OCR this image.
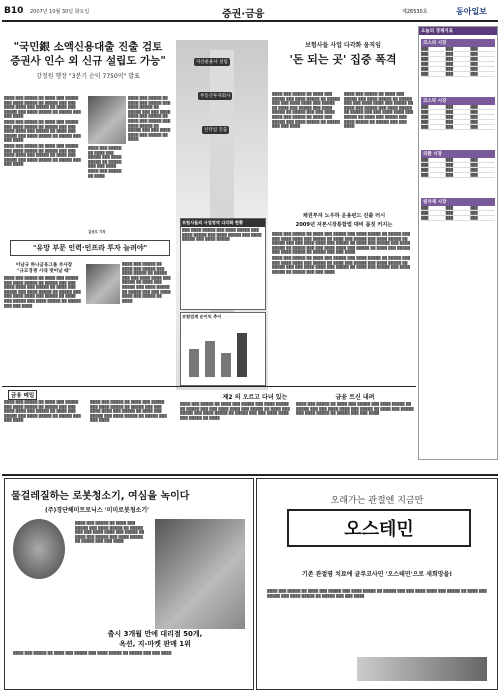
B10 2007년 10월 30일 화요일	증권·금융	제26530호	동아일보
"국민銀 소액신용대출 진출 검토
증권사 인수 외 신규 설립도 가능"
강정원 행장 "3분기 순익 7750억" 발표

▓▓▓▓ ▓▓▓ ▓▓▓▓▓ ▓▓ ▓▓▓▓ ▓▓▓ ▓▓▓▓▓ ▓▓▓ ▓▓▓▓ ▓▓▓▓▓ ▓▓ ▓▓▓▓▓ ▓▓▓ ▓▓▓ ▓▓▓▓ ▓▓▓▓ ▓▓▓ ▓▓▓▓▓ ▓▓ ▓▓▓▓ ▓▓▓ ▓▓▓▓▓ ▓▓▓ ▓▓▓▓ ▓▓▓▓▓ ▓▓ ▓▓▓▓▓ ▓▓▓ ▓▓▓ ▓▓▓▓

▓▓▓▓ ▓▓▓ ▓▓▓▓▓ ▓▓ ▓▓▓▓ ▓▓▓ ▓▓▓▓▓ ▓▓▓ ▓▓▓▓ ▓▓▓▓▓ ▓▓ ▓▓▓▓▓ ▓▓▓ ▓▓▓ ▓▓▓▓ ▓▓▓▓ ▓▓▓ ▓▓▓▓▓ ▓▓ ▓▓▓▓ ▓▓▓ ▓▓▓▓▓ ▓▓▓ ▓▓▓▓ ▓▓▓▓▓ ▓▓ ▓▓▓▓▓ ▓▓▓ ▓▓▓ ▓▓▓▓

▓▓▓▓ ▓▓▓ ▓▓▓▓▓ ▓▓ ▓▓▓▓ ▓▓▓ ▓▓▓▓▓ ▓▓▓ ▓▓▓▓ ▓▓▓▓▓ ▓▓ ▓▓▓▓▓ ▓▓▓ ▓▓▓ ▓▓▓▓ ▓▓▓▓ ▓▓▓ ▓▓▓▓▓ ▓▓ ▓▓▓▓ ▓▓▓ ▓▓▓▓▓ ▓▓▓ ▓▓▓▓ ▓▓▓▓▓ ▓▓ ▓▓▓▓▓ ▓▓▓ ▓▓▓ ▓▓▓▓

▓▓▓▓ ▓▓▓ ▓▓▓▓▓ ▓▓ ▓▓▓▓ ▓▓▓ ▓▓▓▓▓ ▓▓▓ ▓▓▓▓ ▓▓▓▓▓ ▓▓ ▓▓▓▓▓ ▓▓▓ ▓▓▓ ▓▓▓▓ ▓▓▓▓ ▓▓▓ ▓▓▓▓▓ ▓▓ ▓▓▓▓ ▓▓▓ ▓▓▓▓▓ ▓▓▓ ▓▓▓▓ ▓▓▓▓▓ ▓▓ ▓▓▓▓▓ ▓▓▓ ▓▓▓ ▓▓▓▓ ▓▓▓▓ ▓▓▓ ▓▓▓▓▓ ▓▓ ▓▓▓▓

▓▓▓▓ ▓▓▓ ▓▓▓▓▓ ▓▓ ▓▓▓▓ ▓▓▓ ▓▓▓▓▓ ▓▓▓ ▓▓▓▓ ▓▓▓▓▓ ▓▓ ▓▓▓▓▓ ▓▓▓ ▓▓▓ ▓▓▓▓ ▓▓▓▓ ▓▓▓ ▓▓▓▓▓ ▓▓ ▓▓▓▓

김선우 기자

"유망 부문 인력·인프라 투자 늘려야"
이남규 하나금융그룹 부사장
"규모경쟁 시대 벗어날 때"

▓▓▓▓ ▓▓▓ ▓▓▓▓▓ ▓▓ ▓▓▓▓ ▓▓▓ ▓▓▓▓▓ ▓▓▓ ▓▓▓▓ ▓▓▓▓▓ ▓▓ ▓▓▓▓▓ ▓▓▓ ▓▓▓ ▓▓▓▓ ▓▓▓▓ ▓▓▓ ▓▓▓▓▓ ▓▓ ▓▓▓▓ ▓▓▓ ▓▓▓▓▓ ▓▓▓ ▓▓▓▓ ▓▓▓▓▓ ▓▓ ▓▓▓▓▓ ▓▓▓ ▓▓▓ ▓▓▓▓ ▓▓▓▓ ▓▓▓ ▓▓▓▓▓ ▓▓ ▓▓▓▓ ▓▓▓ ▓▓▓▓▓ ▓▓▓ ▓▓▓▓ ▓▓▓▓▓ ▓▓ ▓▓▓▓▓ ▓▓▓ ▓▓▓ ▓▓▓▓

▓▓▓▓ ▓▓▓ ▓▓▓▓▓ ▓▓ ▓▓▓▓ ▓▓▓ ▓▓▓▓▓ ▓▓▓ ▓▓▓▓ ▓▓▓▓▓ ▓▓ ▓▓▓▓▓ ▓▓▓ ▓▓▓ ▓▓▓▓ ▓▓▓▓ ▓▓▓ ▓▓▓▓▓ ▓▓ ▓▓▓▓ ▓▓▓ ▓▓▓▓▓ ▓▓▓ ▓▓▓▓ ▓▓▓▓▓ ▓▓ ▓▓▓▓▓ ▓▓▓ ▓▓▓ ▓▓▓▓ ▓▓▓▓ ▓▓▓ ▓▓▓▓▓ ▓▓ ▓▓▓▓

자산운용사 설립
부동산투자회사
신탁업 진출
보험사들의 사업영역 다각화 현황
▓▓▓ ▓▓▓▓ ▓▓▓▓▓ ▓▓▓ ▓▓▓▓ ▓▓▓▓▓ ▓▓▓ ▓▓▓▓ ▓▓▓▓▓ ▓▓▓ ▓▓▓▓ ▓▓▓▓▓ ▓▓▓ ▓▓▓▓ ▓▓▓▓▓ ▓▓▓ ▓▓▓▓ ▓▓▓▓▓
보험업계 순이익 추이
보험사들 사업 다각화 움직임
'돈 되는 곳' 집중 폭격

▓▓▓▓ ▓▓▓ ▓▓▓▓▓ ▓▓ ▓▓▓▓ ▓▓▓ ▓▓▓▓▓ ▓▓▓ ▓▓▓▓ ▓▓▓▓▓ ▓▓ ▓▓▓▓▓ ▓▓▓ ▓▓▓ ▓▓▓▓ ▓▓▓▓ ▓▓▓ ▓▓▓▓▓ ▓▓ ▓▓▓▓ ▓▓▓ ▓▓▓▓▓ ▓▓▓ ▓▓▓▓ ▓▓▓▓▓ ▓▓ ▓▓▓▓▓ ▓▓▓ ▓▓▓ ▓▓▓▓ ▓▓▓▓ ▓▓▓ ▓▓▓▓▓ ▓▓ ▓▓▓▓ ▓▓▓ ▓▓▓▓▓ ▓▓▓ ▓▓▓▓ ▓▓▓▓▓ ▓▓ ▓▓▓▓▓ ▓▓▓ ▓▓▓ ▓▓▓▓

▓▓▓▓ ▓▓▓ ▓▓▓▓▓ ▓▓ ▓▓▓▓ ▓▓▓ ▓▓▓▓▓ ▓▓▓ ▓▓▓▓ ▓▓▓▓▓ ▓▓ ▓▓▓▓▓ ▓▓▓ ▓▓▓ ▓▓▓▓ ▓▓▓▓ ▓▓▓ ▓▓▓▓▓ ▓▓ ▓▓▓▓ ▓▓▓ ▓▓▓▓▓ ▓▓▓ ▓▓▓▓ ▓▓▓▓▓ ▓▓ ▓▓▓▓▓ ▓▓▓ ▓▓▓ ▓▓▓▓ ▓▓▓▓ ▓▓▓ ▓▓▓▓▓ ▓▓ ▓▓▓▓ ▓▓▓ ▓▓▓▓▓ ▓▓▓ ▓▓▓▓ ▓▓▓▓▓ ▓▓ ▓▓▓▓▓ ▓▓▓ ▓▓▓ ▓▓▓▓

채권투자 노우하 운용펀드 진출 러시
2009년 자본시장통합법 대비 몸짓 커지는

▓▓▓▓ ▓▓▓ ▓▓▓▓▓ ▓▓ ▓▓▓▓ ▓▓▓ ▓▓▓▓▓ ▓▓▓ ▓▓▓▓ ▓▓▓▓▓ ▓▓ ▓▓▓▓▓ ▓▓▓ ▓▓▓ ▓▓▓▓ ▓▓▓▓ ▓▓▓ ▓▓▓▓▓ ▓▓ ▓▓▓▓ ▓▓▓ ▓▓▓▓▓ ▓▓▓ ▓▓▓▓ ▓▓▓▓▓ ▓▓ ▓▓▓▓▓ ▓▓▓ ▓▓▓ ▓▓▓▓ ▓▓▓▓ ▓▓▓ ▓▓▓▓▓ ▓▓ ▓▓▓▓ ▓▓▓ ▓▓▓▓▓ ▓▓▓ ▓▓▓▓ ▓▓▓▓▓ ▓▓ ▓▓▓▓▓ ▓▓▓ ▓▓▓ ▓▓▓▓ ▓▓▓▓ ▓▓▓ ▓▓▓▓▓ ▓▓ ▓▓▓▓ ▓▓▓ ▓▓▓▓▓ ▓▓▓ ▓▓▓▓ ▓▓▓▓▓ ▓▓ ▓▓▓▓▓ ▓▓▓ ▓▓▓ ▓▓▓▓

▓▓▓▓ ▓▓▓ ▓▓▓▓▓ ▓▓ ▓▓▓▓ ▓▓▓ ▓▓▓▓▓ ▓▓▓ ▓▓▓▓ ▓▓▓▓▓ ▓▓ ▓▓▓▓▓ ▓▓▓ ▓▓▓ ▓▓▓▓ ▓▓▓▓ ▓▓▓ ▓▓▓▓▓ ▓▓ ▓▓▓▓ ▓▓▓ ▓▓▓▓▓ ▓▓▓ ▓▓▓▓ ▓▓▓▓▓ ▓▓ ▓▓▓▓▓ ▓▓▓ ▓▓▓ ▓▓▓▓ ▓▓▓▓ ▓▓▓ ▓▓▓▓▓ ▓▓ ▓▓▓▓ ▓▓▓ ▓▓▓▓▓ ▓▓▓ ▓▓▓▓ ▓▓▓▓▓ ▓▓ ▓▓▓▓▓ ▓▓▓ ▓▓▓ ▓▓▓▓

오늘의 경제지표
코스피 시장
▓▓▓	▓▓▓	▓▓▓
▓▓▓	▓▓▓	▓▓▓
▓▓▓	▓▓▓	▓▓▓
▓▓▓	▓▓▓	▓▓▓
▓▓▓	▓▓▓	▓▓▓
▓▓▓	▓▓▓	▓▓▓
코스닥 시장
▓▓▓	▓▓▓	▓▓▓
▓▓▓	▓▓▓	▓▓▓
▓▓▓	▓▓▓	▓▓▓
▓▓▓	▓▓▓	▓▓▓
▓▓▓	▓▓▓	▓▓▓
외환 시장
▓▓▓	▓▓▓	▓▓▓
▓▓▓	▓▓▓	▓▓▓
▓▓▓	▓▓▓	▓▓▓
▓▓▓	▓▓▓	▓▓▓
원자재 시장
▓▓▓	▓▓▓	▓▓▓
▓▓▓	▓▓▓	▓▓▓
▓▓▓	▓▓▓	▓▓▓
금융 메일
▓▓▓▓ ▓▓▓ ▓▓▓▓▓ ▓▓ ▓▓▓▓ ▓▓▓ ▓▓▓▓▓ ▓▓▓ ▓▓▓▓ ▓▓▓▓▓ ▓▓ ▓▓▓▓▓ ▓▓▓ ▓▓▓ ▓▓▓▓ ▓▓▓▓ ▓▓▓ ▓▓▓▓▓ ▓▓ ▓▓▓▓ ▓▓▓ ▓▓▓▓▓ ▓▓▓ ▓▓▓▓ ▓▓▓▓▓ ▓▓ ▓▓▓▓▓ ▓▓▓ ▓▓▓ ▓▓▓▓
▓▓▓▓ ▓▓▓ ▓▓▓▓▓ ▓▓ ▓▓▓▓ ▓▓▓ ▓▓▓▓▓ ▓▓▓ ▓▓▓▓ ▓▓▓▓▓ ▓▓ ▓▓▓▓▓ ▓▓▓ ▓▓▓ ▓▓▓▓ ▓▓▓▓ ▓▓▓ ▓▓▓▓▓ ▓▓ ▓▓▓▓ ▓▓▓ ▓▓▓▓▓ ▓▓▓ ▓▓▓▓ ▓▓▓▓▓ ▓▓ ▓▓▓▓▓ ▓▓▓ ▓▓▓ ▓▓▓▓
제2 의 오르고 다녀 있는
▓▓▓▓ ▓▓▓ ▓▓▓▓▓ ▓▓ ▓▓▓▓ ▓▓▓ ▓▓▓▓▓ ▓▓▓ ▓▓▓▓ ▓▓▓▓▓ ▓▓ ▓▓▓▓▓ ▓▓▓ ▓▓▓ ▓▓▓▓ ▓▓▓▓ ▓▓▓ ▓▓▓▓▓ ▓▓ ▓▓▓▓ ▓▓▓ ▓▓▓▓▓ ▓▓▓ ▓▓▓▓ ▓▓▓▓▓ ▓▓ ▓▓▓▓▓ ▓▓▓ ▓▓▓ ▓▓▓▓ ▓▓▓▓ ▓▓▓ ▓▓▓▓▓ ▓▓ ▓▓▓▓
금융 트신 내려
▓▓▓▓ ▓▓▓ ▓▓▓▓▓ ▓▓ ▓▓▓▓ ▓▓▓ ▓▓▓▓▓ ▓▓▓ ▓▓▓▓ ▓▓▓▓▓ ▓▓ ▓▓▓▓▓ ▓▓▓ ▓▓▓ ▓▓▓▓ ▓▓▓▓ ▓▓▓ ▓▓▓▓▓ ▓▓ ▓▓▓▓ ▓▓▓ ▓▓▓▓▓ ▓▓▓ ▓▓▓▓ ▓▓▓▓▓ ▓▓ ▓▓▓▓▓ ▓▓▓ ▓▓▓ ▓▓▓▓
물걸레질하는 로봇청소기, 여심을 녹이다
(주)경단헤미트로닉스 '미미로봇청소기'
▓▓▓▓ ▓▓▓ ▓▓▓▓▓ ▓▓ ▓▓▓▓ ▓▓▓ ▓▓▓▓▓ ▓▓▓ ▓▓▓▓ ▓▓▓▓▓ ▓▓ ▓▓▓▓▓ ▓▓▓ ▓▓▓ ▓▓▓▓ ▓▓▓▓ ▓▓▓ ▓▓▓▓▓ ▓▓ ▓▓▓▓ ▓▓▓ ▓▓▓▓▓ ▓▓▓ ▓▓▓▓ ▓▓▓▓▓ ▓▓ ▓▓▓▓▓ ▓▓▓ ▓▓▓ ▓▓▓▓
출시 3개월 만에 대리점 50개,
옥션, 지-마켓 판매 1위
▓▓▓▓ ▓▓▓ ▓▓▓▓▓ ▓▓ ▓▓▓▓ ▓▓▓ ▓▓▓▓▓ ▓▓▓ ▓▓▓▓ ▓▓▓▓▓ ▓▓ ▓▓▓▓▓ ▓▓▓ ▓▓▓ ▓▓▓▓
오래가는 관절엔 지금만
오스테민
기존 관절염 치료에 글루코사민 '오스테민'으로 새희망을!
▓▓▓▓ ▓▓▓ ▓▓▓▓▓ ▓▓ ▓▓▓▓ ▓▓▓ ▓▓▓▓▓ ▓▓▓ ▓▓▓▓ ▓▓▓▓▓ ▓▓ ▓▓▓▓▓ ▓▓▓ ▓▓▓ ▓▓▓▓ ▓▓▓▓ ▓▓▓ ▓▓▓▓▓ ▓▓ ▓▓▓▓ ▓▓▓ ▓▓▓▓▓ ▓▓▓ ▓▓▓▓ ▓▓▓▓▓ ▓▓ ▓▓▓▓▓ ▓▓▓ ▓▓▓ ▓▓▓▓
